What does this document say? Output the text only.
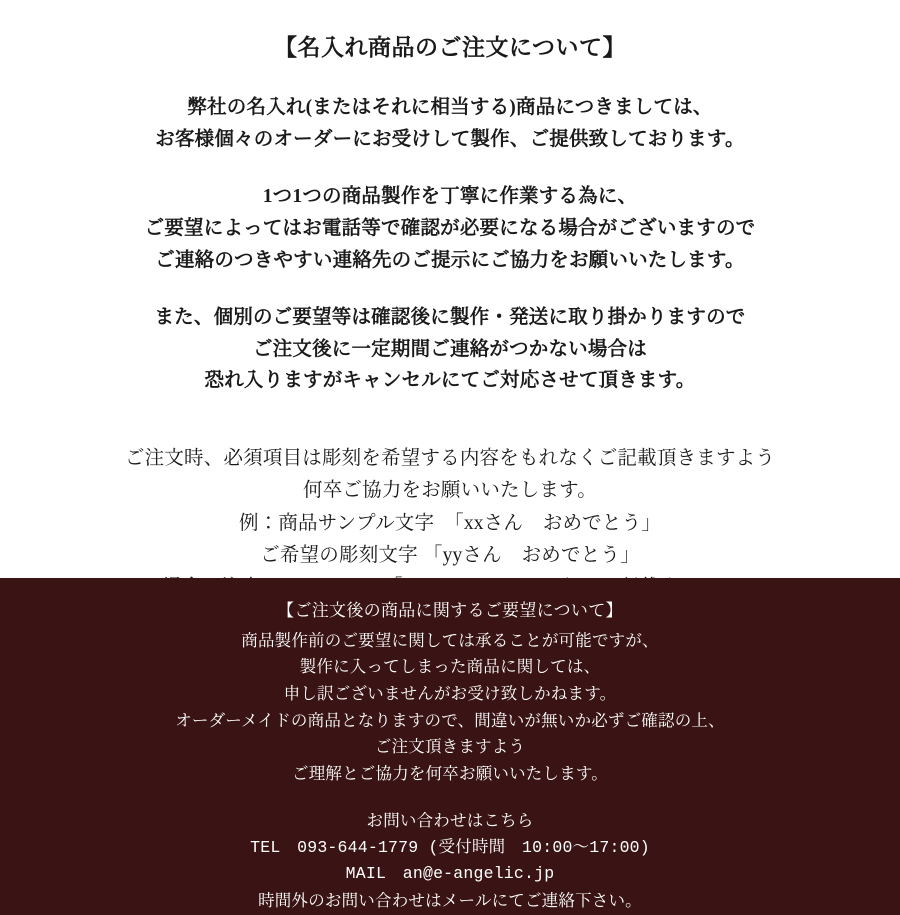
【名入れ商品のご注文について】

弊社の名入れ(またはそれに相当する)商品につきましては、

お客様個々のオーダーにお受けして製作、ご提供致しております。

1つ1つの商品製作を丁寧に作業する為に、

ご要望によってはお電話等で確認が必要になる場合がございますので

ご連絡のつきやすい連絡先のご提示にご協力をお願いいたします。

また、個別のご要望等は確認後に製作・発送に取り掛かりますので

ご注文後に一定期間ご連絡がつかない場合は

恐れ入りますがキャンセルにてご対応させて頂きます。

ご注文時、必須項目は彫刻を希望する内容をもれなくご記載頂きますよう

何卒ご協力をお願いいたします。

例：商品サンプル文字　「xxさん　おめでとう」

ご希望の彫刻文字 「yyさん　おめでとう」

【ご注文後の商品に関するご要望について】

商品製作前のご要望に関しては承ることが可能ですが、

製作に入ってしまった商品に関しては、

申し訳ございませんがお受け致しかねます。

オーダーメイドの商品となりますので、間違いが無いか必ずご確認の上、

ご注文頂きますよう

ご理解とご協力を何卒お願いいたします。

お問い合わせはこちら

TEL　093-644-1779 (受付時間　10:00〜17:00)

MAIL　an@e-angelic.jp

時間外のお問い合わせはメールにてご連絡下さい。
